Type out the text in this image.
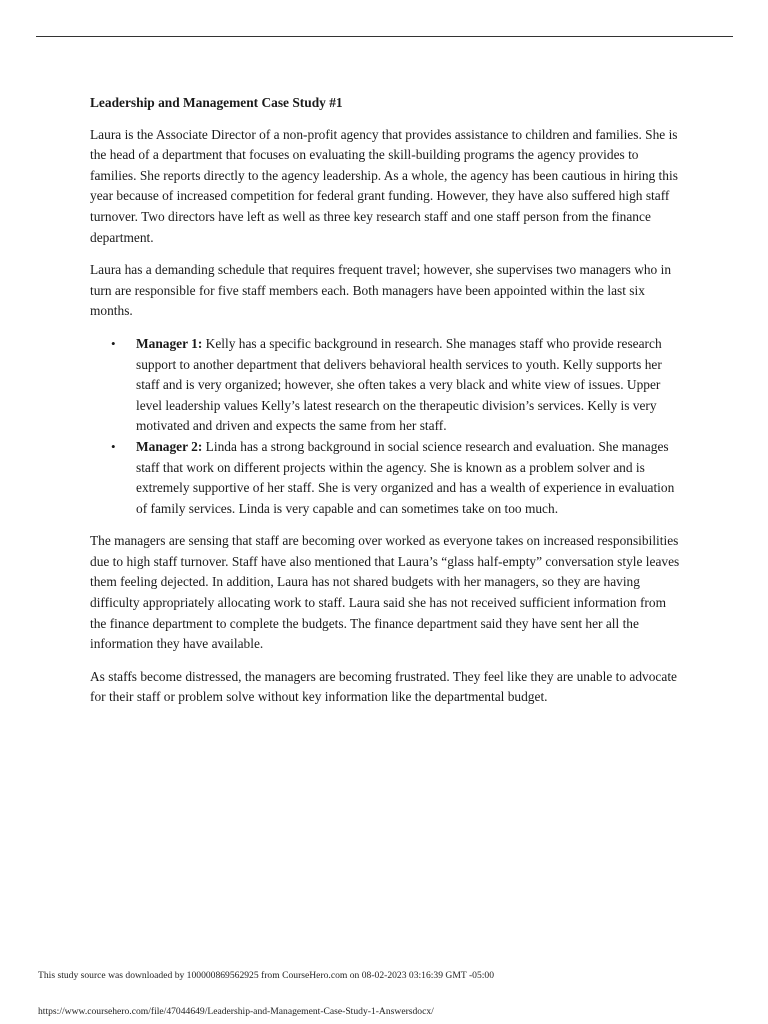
Leadership and Management Case Study #1

Laura is the Associate Director of a non-profit agency that provides assistance to children and families. She is the head of a department that focuses on evaluating the skill-building programs the agency provides to families. She reports directly to the agency leadership. As a whole, the agency has been cautious in hiring this year because of increased competition for federal grant funding. However, they have also suffered high staff turnover. Two directors have left as well as three key research staff and one staff person from the finance department.

Laura has a demanding schedule that requires frequent travel; however, she supervises two managers who in turn are responsible for five staff members each. Both managers have been appointed within the last six months.

• Manager 1: Kelly has a specific background in research. She manages staff who provide research support to another department that delivers behavioral health services to youth. Kelly supports her staff and is very organized; however, she often takes a very black and white view of issues. Upper level leadership values Kelly’s latest research on the therapeutic division’s services. Kelly is very motivated and driven and expects the same from her staff.
• Manager 2: Linda has a strong background in social science research and evaluation. She manages staff that work on different projects within the agency. She is known as a problem solver and is extremely supportive of her staff. She is very organized and has a wealth of experience in evaluation of family services. Linda is very capable and can sometimes take on too much.

The managers are sensing that staff are becoming over worked as everyone takes on increased responsibilities due to high staff turnover. Staff have also mentioned that Laura’s “glass half-empty” conversation style leaves them feeling dejected. In addition, Laura has not shared budgets with her managers, so they are having difficulty appropriately allocating work to staff. Laura said she has not received sufficient information from the finance department to complete the budgets. The finance department said they have sent her all the information they have available.

As staffs become distressed, the managers are becoming frustrated. They feel like they are unable to advocate for their staff or problem solve without key information like the departmental budget.

This study source was downloaded by 100000869562925 from CourseHero.com on 08-02-2023 03:16:39 GMT -05:00
https://www.coursehero.com/file/47044649/Leadership-and-Management-Case-Study-1-Answersdocx/
